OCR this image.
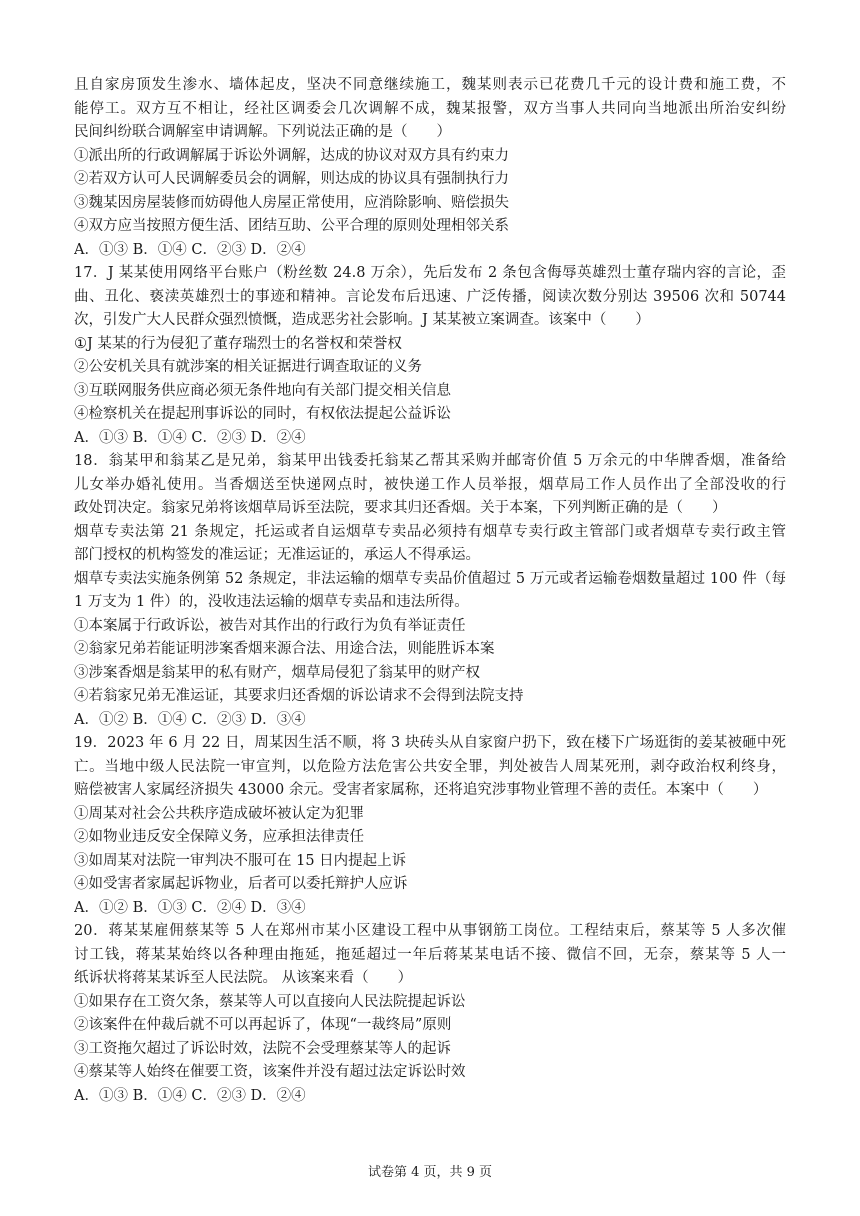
且自家房顶发生渗水、墙体起皮，坚决不同意继续施工，魏某则表示已花费几千元的设计费和施工费，不
能停工。双方互不相让，经社区调委会几次调解不成，魏某报警，双方当事人共同向当地派出所治安纠纷
民间纠纷联合调解室申请调解。下列说法正确的是（　　）
①派出所的行政调解属于诉讼外调解，达成的协议对双方具有约束力
②若双方认可人民调解委员会的调解，则达成的协议具有强制执行力
③魏某因房屋装修而妨碍他人房屋正常使用，应消除影响、赔偿损失
④双方应当按照方便生活、团结互助、公平合理的原则处理相邻关系
A．①③ B．①④ C．②③ D．②④
17．J 某某使用网络平台账户（粉丝数 24.8 万余），先后发布 2 条包含侮辱英雄烈士董存瑞内容的言论，歪
曲、丑化、亵渎英雄烈士的事迹和精神。言论发布后迅速、广泛传播，阅读次数分别达 39506 次和 50744
次，引发广大人民群众强烈愤慨，造成恶劣社会影响。J 某某被立案调查。该案中（　　）
①J 某某的行为侵犯了董存瑞烈士的名誉权和荣誉权
②公安机关具有就涉案的相关证据进行调查取证的义务
③互联网服务供应商必须无条件地向有关部门提交相关信息
④检察机关在提起刑事诉讼的同时，有权依法提起公益诉讼
A．①③ B．①④ C．②③ D．②④
18．翁某甲和翁某乙是兄弟，翁某甲出钱委托翁某乙帮其采购并邮寄价值 5 万余元的中华牌香烟，准备给
儿女举办婚礼使用。当香烟送至快递网点时，被快递工作人员举报，烟草局工作人员作出了全部没收的行
政处罚决定。翁家兄弟将该烟草局诉至法院，要求其归还香烟。关于本案，下列判断正确的是（　　）
烟草专卖法第 21 条规定，托运或者自运烟草专卖品必须持有烟草专卖行政主管部门或者烟草专卖行政主管
部门授权的机构签发的准运证；无准运证的，承运人不得承运。
烟草专卖法实施条例第 52 条规定，非法运输的烟草专卖品价值超过 5 万元或者运输卷烟数量超过 100 件（每
1 万支为 1 件）的，没收违法运输的烟草专卖品和违法所得。
①本案属于行政诉讼，被告对其作出的行政行为负有举证责任
②翁家兄弟若能证明涉案香烟来源合法、用途合法，则能胜诉本案
③涉案香烟是翁某甲的私有财产，烟草局侵犯了翁某甲的财产权
④若翁家兄弟无准运证，其要求归还香烟的诉讼请求不会得到法院支持
A．①② B．①④ C．②③ D．③④
19．2023 年 6 月 22 日，周某因生活不顺，将 3 块砖头从自家窗户扔下，致在楼下广场逛街的姜某被砸中死
亡。当地中级人民法院一审宣判，以危险方法危害公共安全罪，判处被告人周某死刑，剥夺政治权利终身，
赔偿被害人家属经济损失 43000 余元。受害者家属称，还将追究涉事物业管理不善的责任。本案中（　　）
①周某对社会公共秩序造成破坏被认定为犯罪
②如物业违反安全保障义务，应承担法律责任
③如周某对法院一审判决不服可在 15 日内提起上诉
④如受害者家属起诉物业，后者可以委托辩护人应诉
A．①② B．①③ C．②④ D．③④
20．蒋某某雇佣蔡某等 5 人在郑州市某小区建设工程中从事钢筋工岗位。工程结束后，蔡某等 5 人多次催
讨工钱，蒋某某始终以各种理由拖延，拖延超过一年后蒋某某电话不接、微信不回，无奈，蔡某等 5 人一
纸诉状将蒋某某诉至人民法院。 从该案来看（　　）
①如果存在工资欠条，蔡某等人可以直接向人民法院提起诉讼
②该案件在仲裁后就不可以再起诉了，体现“一裁终局”原则
③工资拖欠超过了诉讼时效，法院不会受理蔡某等人的起诉
④蔡某等人始终在催要工资，该案件并没有超过法定诉讼时效
A．①③ B．①④ C．②③ D．②④
试卷第 4 页，共 9 页
